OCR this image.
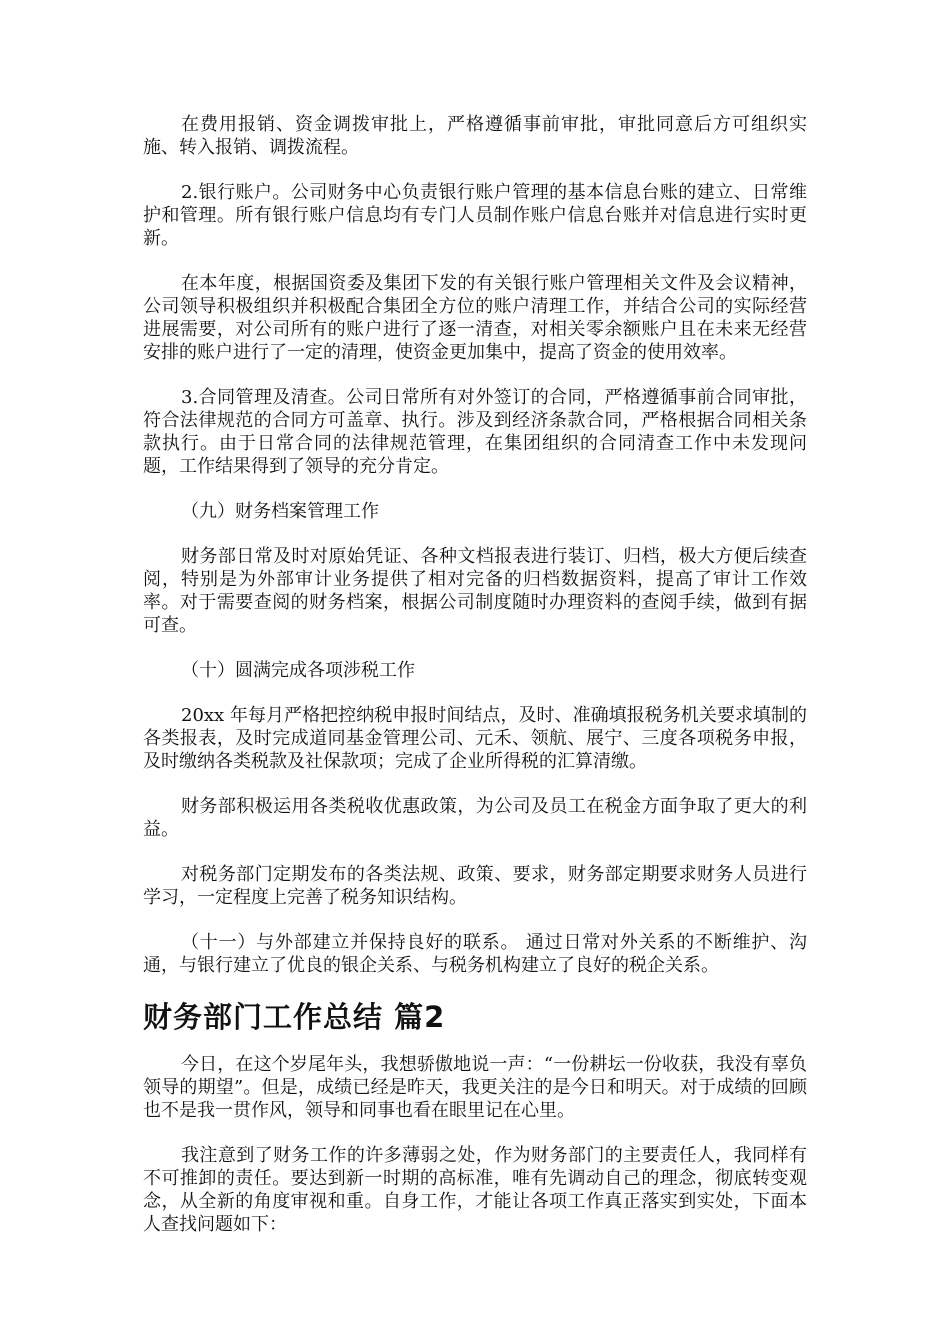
在费用报销、资金调拨审批上，严格遵循事前审批，审批同意后方可组织实施、转入报销、调拨流程。

2.银行账户。公司财务中心负责银行账户管理的基本信息台账的建立、日常维护和管理。所有银行账户信息均有专门人员制作账户信息台账并对信息进行实时更新。

在本年度，根据国资委及集团下发的有关银行账户管理相关文件及会议精神，公司领导积极组织并积极配合集团全方位的账户清理工作，并结合公司的实际经营进展需要，对公司所有的账户进行了逐一清查，对相关零余额账户且在未来无经营安排的账户进行了一定的清理，使资金更加集中，提高了资金的使用效率。

3.合同管理及清查。公司日常所有对外签订的合同，严格遵循事前合同审批，符合法律规范的合同方可盖章、执行。涉及到经济条款合同，严格根据合同相关条款执行。由于日常合同的法律规范管理，在集团组织的合同清查工作中未发现问题，工作结果得到了领导的充分肯定。

（九）财务档案管理工作

财务部日常及时对原始凭证、各种文档报表进行装订、归档，极大方便后续查阅，特别是为外部审计业务提供了相对完备的归档数据资料，提高了审计工作效率。对于需要查阅的财务档案，根据公司制度随时办理资料的查阅手续，做到有据可查。

（十）圆满完成各项涉税工作

20xx 年每月严格把控纳税申报时间结点，及时、准确填报税务机关要求填制的各类报表，及时完成道同基金管理公司、元禾、领航、展宁、三度各项税务申报，及时缴纳各类税款及社保款项；完成了企业所得税的汇算清缴。

财务部积极运用各类税收优惠政策，为公司及员工在税金方面争取了更大的利益。

对税务部门定期发布的各类法规、政策、要求，财务部定期要求财务人员进行学习，一定程度上完善了税务知识结构。

（十一）与外部建立并保持良好的联系。 通过日常对外关系的不断维护、沟通，与银行建立了优良的银企关系、与税务机构建立了良好的税企关系。

财务部门工作总结 篇2

今日，在这个岁尾年头，我想骄傲地说一声：“一份耕坛一份收获，我没有辜负领导的期望”。但是，成绩已经是昨天，我更关注的是今日和明天。对于成绩的回顾也不是我一贯作风，领导和同事也看在眼里记在心里。

我注意到了财务工作的许多薄弱之处，作为财务部门的主要责任人，我同样有不可推卸的责任。要达到新一时期的高标准，唯有先调动自己的理念，彻底转变观念，从全新的角度审视和重。自身工作，才能让各项工作真正落实到实处，下面本人查找问题如下：
